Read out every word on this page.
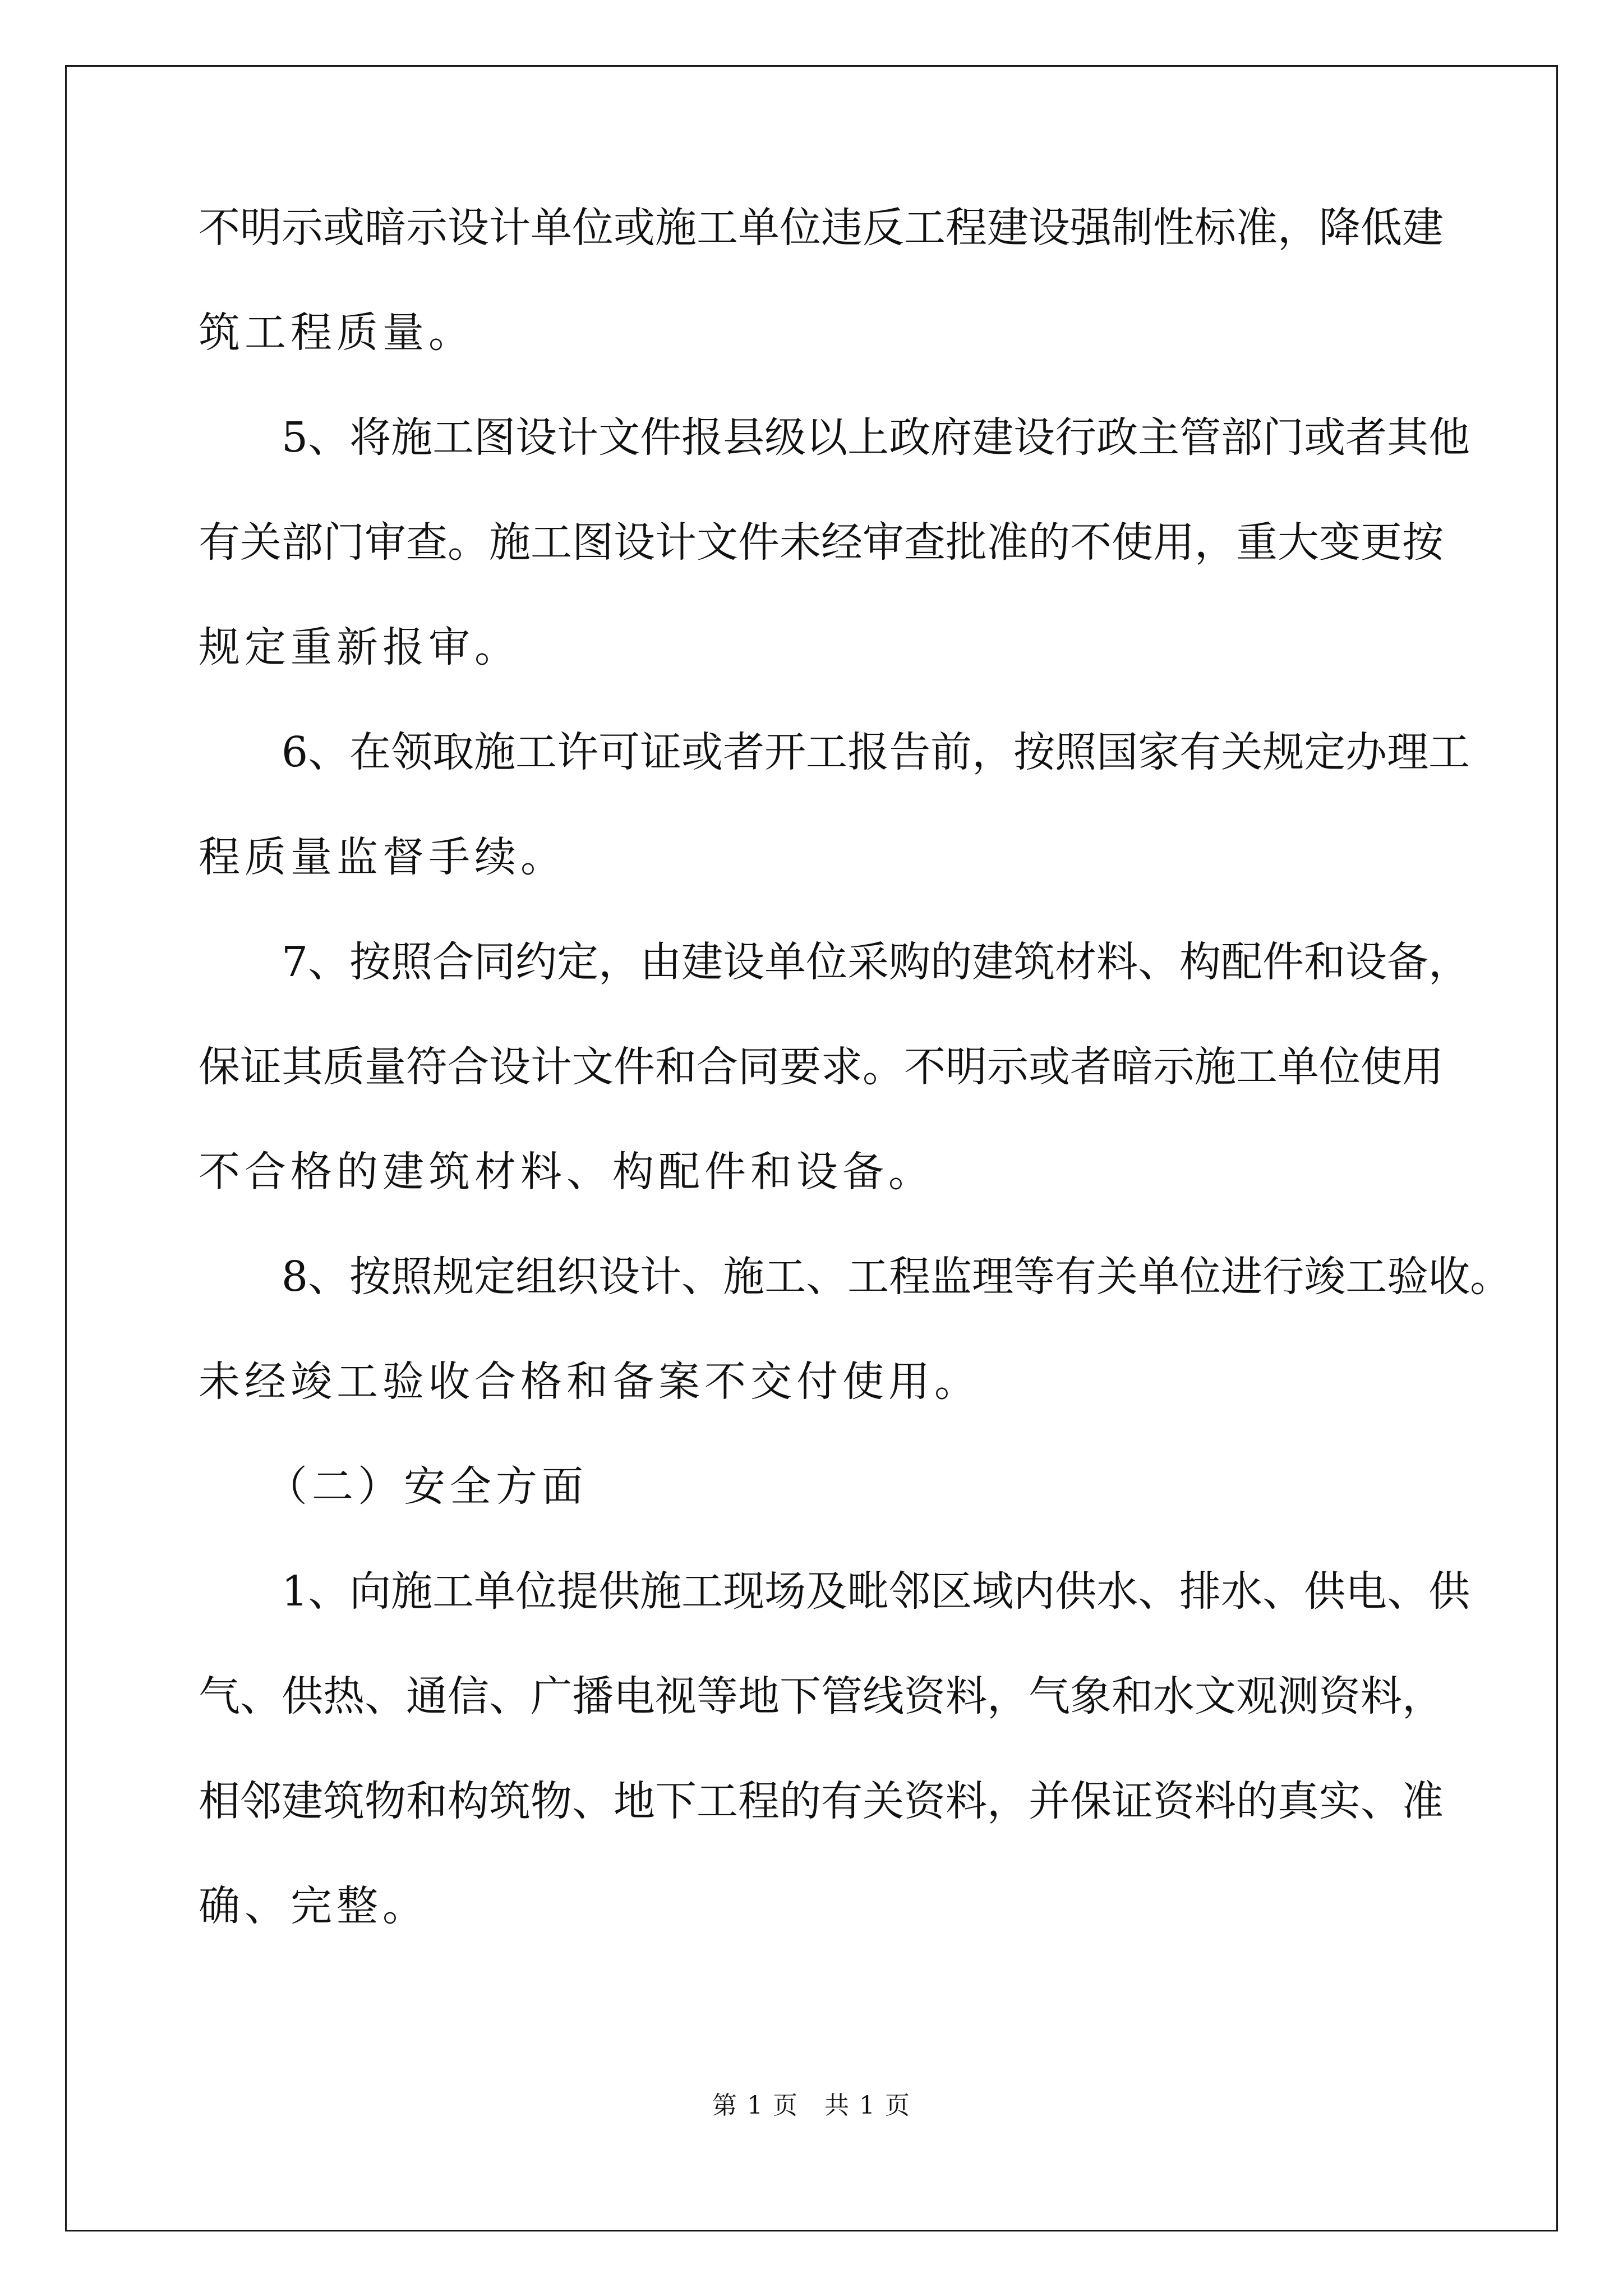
不明示或暗示设计单位或施工单位违反工程建设强制性标准，降低建

筑工程质量。

5、将施工图设计文件报县级以上政府建设行政主管部门或者其他

有关部门审查。施工图设计文件未经审查批准的不使用，重大变更按

规定重新报审。

6、在领取施工许可证或者开工报告前，按照国家有关规定办理工

程质量监督手续。

7、按照合同约定，由建设单位采购的建筑材料、构配件和设备，

保证其质量符合设计文件和合同要求。不明示或者暗示施工单位使用

不合格的建筑材料、构配件和设备。

8、按照规定组织设计、施工、工程监理等有关单位进行竣工验收。

未经竣工验收合格和备案不交付使用。

（二）安全方面

1、向施工单位提供施工现场及毗邻区域内供水、排水、供电、供

气、供热、通信、广播电视等地下管线资料，气象和水文观测资料，

相邻建筑物和构筑物、地下工程的有关资料，并保证资料的真实、准

确、完整。

第 1 页　共 1 页
